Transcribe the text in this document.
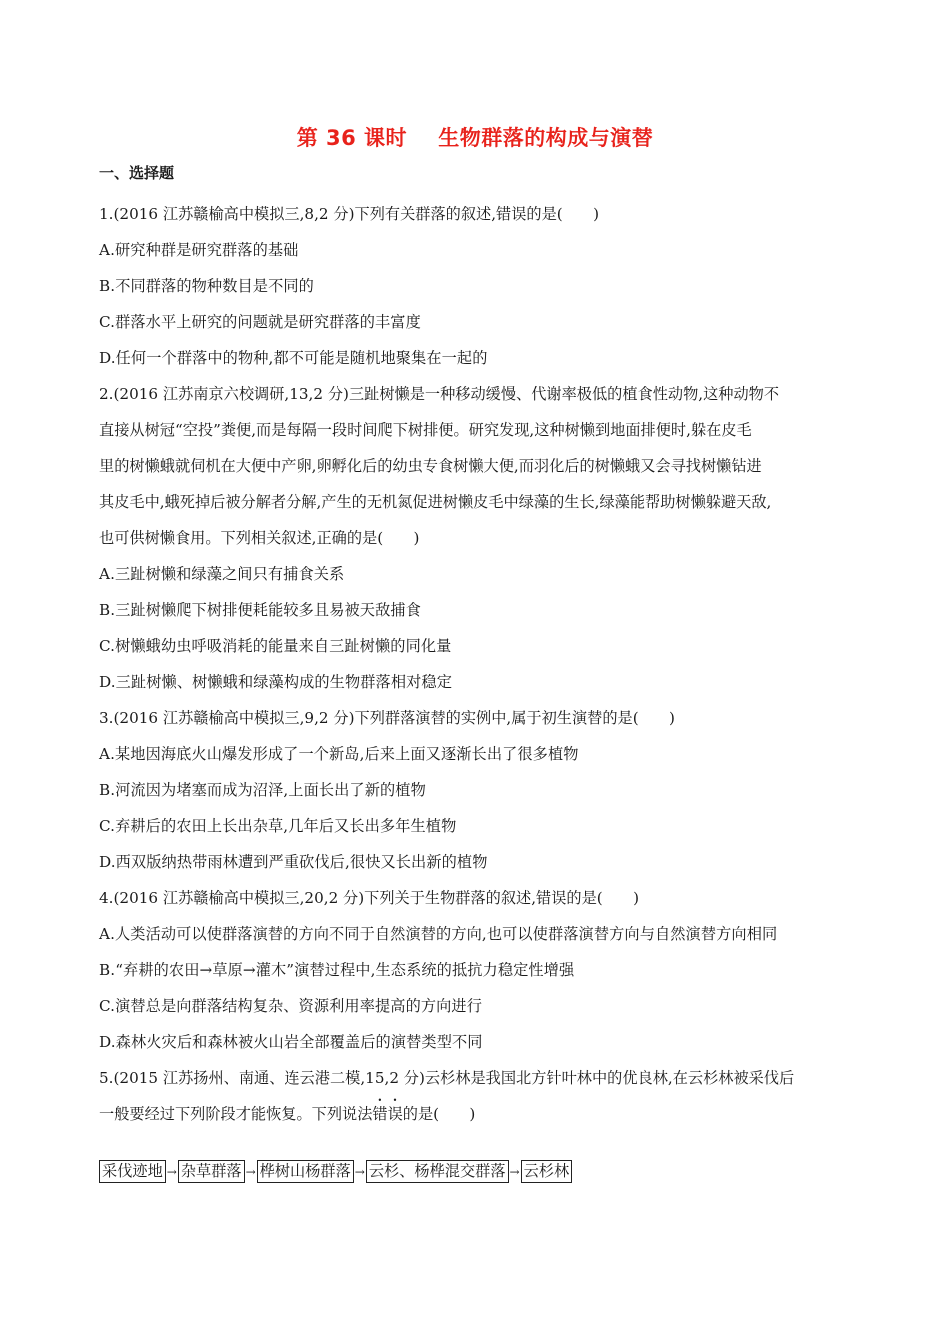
第 36 课时    生物群落的构成与演替
一、选择题
1.(2016 江苏赣榆高中模拟三,8,2 分)下列有关群落的叙述,错误的是(　　)
A.研究种群是研究群落的基础
B.不同群落的物种数目是不同的
C.群落水平上研究的问题就是研究群落的丰富度
D.任何一个群落中的物种,都不可能是随机地聚集在一起的
2.(2016 江苏南京六校调研,13,2 分)三趾树懒是一种移动缓慢、代谢率极低的植食性动物,这种动物不
直接从树冠“空投”粪便,而是每隔一段时间爬下树排便。研究发现,这种树懒到地面排便时,躲在皮毛
里的树懒蛾就伺机在大便中产卵,卵孵化后的幼虫专食树懒大便,而羽化后的树懒蛾又会寻找树懒钻进
其皮毛中,蛾死掉后被分解者分解,产生的无机氮促进树懒皮毛中绿藻的生长,绿藻能帮助树懒躲避天敌,
也可供树懒食用。下列相关叙述,正确的是(　　)
A.三趾树懒和绿藻之间只有捕食关系
B.三趾树懒爬下树排便耗能较多且易被天敌捕食
C.树懒蛾幼虫呼吸消耗的能量来自三趾树懒的同化量
D.三趾树懒、树懒蛾和绿藻构成的生物群落相对稳定
3.(2016 江苏赣榆高中模拟三,9,2 分)下列群落演替的实例中,属于初生演替的是(　　)
A.某地因海底火山爆发形成了一个新岛,后来上面又逐渐长出了很多植物
B.河流因为堵塞而成为沼泽,上面长出了新的植物
C.弃耕后的农田上长出杂草,几年后又长出多年生植物
D.西双版纳热带雨林遭到严重砍伐后,很快又长出新的植物
4.(2016 江苏赣榆高中模拟三,20,2 分)下列关于生物群落的叙述,错误的是(　　)
A.人类活动可以使群落演替的方向不同于自然演替的方向,也可以使群落演替方向与自然演替方向相同
B.“弃耕的农田→草原→灌木”演替过程中,生态系统的抵抗力稳定性增强
C.演替总是向群落结构复杂、资源利用率提高的方向进行
D.森林火灾后和森林被火山岩全部覆盖后的演替类型不同
5.(2015 江苏扬州、南通、连云港二模,15,2 分)云杉林是我国北方针叶林中的优良林,在云杉林被采伐后
一般要经过下列阶段才能恢复。下列说法错误的是(　　)
采伐迹地 → 杂草群落 → 桦树山杨群落 → 云杉、杨桦混交群落 → 云杉林
